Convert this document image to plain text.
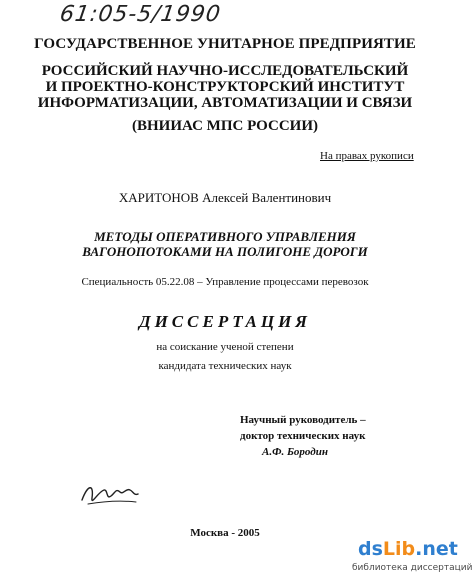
61:05-5/1990
ГОСУДАРСТВЕННОЕ УНИТАРНОЕ ПРЕДПРИЯТИЕ
РОССИЙСКИЙ НАУЧНО-ИССЛЕДОВАТЕЛЬСКИЙ
И ПРОЕКТНО-КОНСТРУКТОРСКИЙ ИНСТИТУТ
ИНФОРМАТИЗАЦИИ, АВТОМАТИЗАЦИИ И СВЯЗИ
(ВНИИАС МПС РОССИИ)
На правах рукописи
ХАРИТОНОВ Алексей Валентинович
МЕТОДЫ ОПЕРАТИВНОГО УПРАВЛЕНИЯ
ВАГОНОПОТОКАМИ НА ПОЛИГОНЕ ДОРОГИ
Специальность 05.22.08 – Управление процессами перевозок
ДИССЕРТАЦИЯ
на соискание ученой степени
кандидата технических наук
Научный руководитель –
доктор технических наук
А.Ф. Бородин
Москва - 2005
dsLib.net
библиотека диссертаций
